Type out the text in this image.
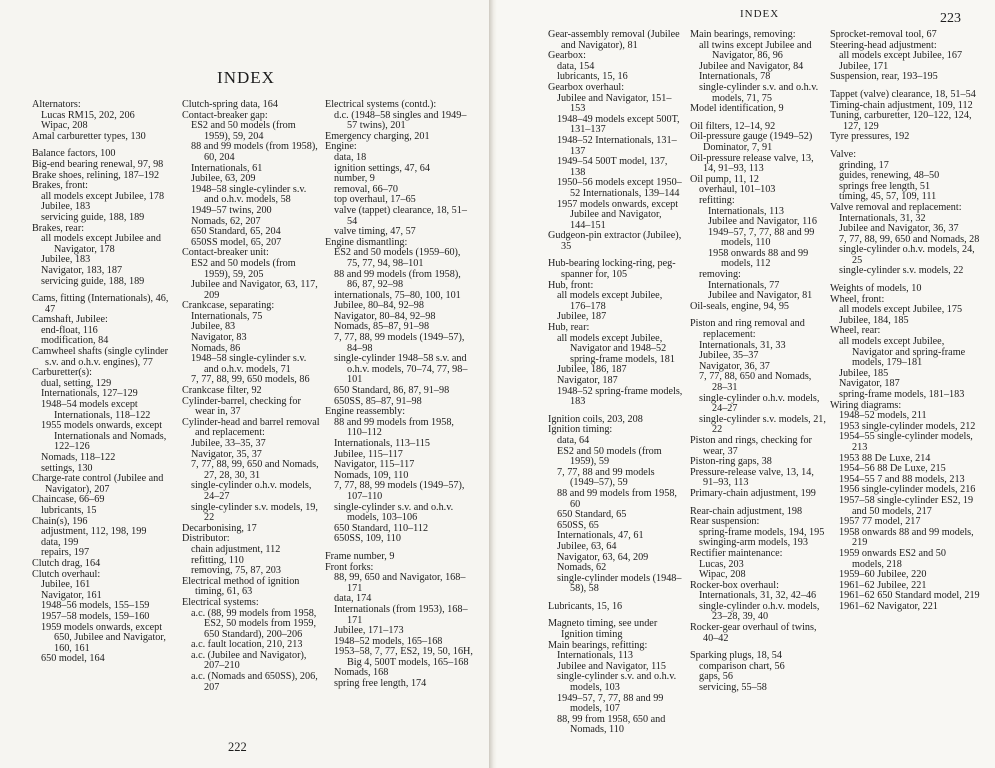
INDEX
Alternators:
Lucas RM15, 202, 206
Wipac, 208
Amal carburetter types, 130
Balance factors, 100
Big-end bearing renewal, 97, 98
Brake shoes, relining, 187–192
Brakes, front:
all models except Jubilee, 178
Jubilee, 183
servicing guide, 188, 189
Brakes, rear:
all models except Jubilee and Navigator, 178
Jubilee, 183
Navigator, 183, 187
servicing guide, 188, 189
Cams, fitting (Internationals), 46, 47
Camshaft, Jubilee:
end-float, 116
modification, 84
Camwheel shafts (single cylinder s.v. and o.h.v. engines), 77
Carburetter(s):
dual, setting, 129
Internationals, 127–129
1948–54 models except Internationals, 118–122
1955 models onwards, except Internationals and Nomads, 122–126
Nomads, 118–122
settings, 130
Charge-rate control (Jubilee and Navigator), 207
Chaincase, 66–69
lubricants, 15
Chain(s), 196
adjustment, 112, 198, 199
data, 199
repairs, 197
Clutch drag, 164
Clutch overhaul:
Jubilee, 161
Navigator, 161
1948–56 models, 155–159
1957–58 models, 159–160
1959 models onwards, except 650, Jubilee and Navigator, 160, 161
650 model, 164
Clutch-spring data, 164
Contact-breaker gap:
ES2 and 50 models (from 1959), 59, 204
88 and 99 models (from 1958), 60, 204
Internationals, 61
Jubilee, 63, 209
1948–58 single-cylinder s.v. and o.h.v. models, 58
1949–57 twins, 200
Nomads, 62, 207
650 Standard, 65, 204
650SS model, 65, 207
Contact-breaker unit:
ES2 and 50 models (from 1959), 59, 205
Jubilee and Navigator, 63, 117, 209
Crankcase, separating:
Internationals, 75
Jubilee, 83
Navigator, 83
Nomads, 86
1948–58 single-cylinder s.v. and o.h.v. models, 71
7, 77, 88, 99, 650 models, 86
Crankcase filter, 92
Cylinder-barrel, checking for wear in, 37
Cylinder-head and barrel removal and replacement:
Jubilee, 33–35, 37
Navigator, 35, 37
7, 77, 88, 99, 650 and Nomads, 27, 28, 30, 31
single-cylinder o.h.v. models, 24–27
single-cylinder s.v. models, 19, 22
Decarbonising, 17
Distributor:
chain adjustment, 112
refitting, 110
removing, 75, 87, 203
Electrical method of ignition timing, 61, 63
Electrical systems:
a.c. (88, 99 models from 1958, ES2, 50 models from 1959, 650 Standard), 200–206
a.c. fault location, 210, 213
a.c. (Jubilee and Navigator), 207–210
a.c. (Nomads and 650SS), 206, 207
Electrical systems (contd.):
d.c. (1948–58 singles and 1949–57 twins), 201
Emergency charging, 201
Engine:
data, 18
ignition settings, 47, 64
number, 9
removal, 66–70
top overhaul, 17–65
valve (tappet) clearance, 18, 51–54
valve timing, 47, 57
Engine dismantling:
ES2 and 50 models (1959–60), 75, 77, 94, 98–101
88 and 99 models (from 1958), 86, 87, 92–98
internationals, 75–80, 100, 101
Jubilee, 80–84, 92–98
Navigator, 80–84, 92–98
Nomads, 85–87, 91–98
7, 77, 88, 99 models (1949–57), 84–98
single-cylinder 1948–58 s.v. and o.h.v. models, 70–74, 77, 98–101
650 Standard, 86, 87, 91–98
650SS, 85–87, 91–98
Engine reassembly:
88 and 99 models from 1958, 110–112
Internationals, 113–115
Jubilee, 115–117
Navigator, 115–117
Nomads, 109, 110
7, 77, 88, 99 models (1949–57), 107–110
single-cylinder s.v. and o.h.v. models, 103–106
650 Standard, 110–112
650SS, 109, 110
Frame number, 9
Front forks:
88, 99, 650 and Navigator, 168–171
data, 174
Internationals (from 1953), 168–171
Jubilee, 171–173
1948–52 models, 165–168
1953–58, 7, 77, ES2, 19, 50, 16H, Big 4, 500T models, 165–168
Nomads, 168
spring free length, 174
222
INDEX	223
Gear-assembly removal (Jubilee and Navigator), 81
Gearbox:
data, 154
lubricants, 15, 16
Gearbox overhaul:
Jubilee and Navigator, 151–153
1948–49 models except 500T, 131–137
1948–52 Internationals, 131–137
1949–54 500T model, 137, 138
1950–56 models except 1950–52 Internationals, 139–144
1957 models onwards, except Jubilee and Navigator, 144–151
Gudgeon-pin extractor (Jubilee), 35
Hub-bearing locking-ring, peg-spanner for, 105
Hub, front:
all models except Jubilee, 176–178
Jubilee, 187
Hub, rear:
all models except Jubilee, Navigator and 1948–52 spring-frame models, 181
Jubilee, 186, 187
Navigator, 187
1948–52 spring-frame models, 183
Ignition coils, 203, 208
Ignition timing:
data, 64
ES2 and 50 models (from 1959), 59
7, 77, 88 and 99 models (1949–57), 59
88 and 99 models from 1958, 60
650 Standard, 65
650SS, 65
Internationals, 47, 61
Jubilee, 63, 64
Navigator, 63, 64, 209
Nomads, 62
single-cylinder models (1948–58), 58
Lubricants, 15, 16
Magneto timing, see under Ignition timing
Main bearings, refitting:
Internationals, 113
Jubilee and Navigator, 115
single-cylinder s.v. and o.h.v. models, 103
1949–57, 7, 77, 88 and 99 models, 107
88, 99 from 1958, 650 and Nomads, 110
Main bearings, removing:
all twins except Jubilee and Navigator, 86, 96
Jubilee and Navigator, 84
Internationals, 78
single-cylinder s.v. and o.h.v. models, 71, 75
Model identification, 9
Oil filters, 12–14, 92
Oil-pressure gauge (1949–52) Dominator, 7, 91
Oil-pressure release valve, 13, 14, 91–93, 113
Oil pump, 11, 12
overhaul, 101–103
refitting:
Internationals, 113
Jubilee and Navigator, 116
1949–57, 7, 77, 88 and 99 models, 110
1958 onwards 88 and 99 models, 112
removing:
Internationals, 77
Jubilee and Navigator, 81
Oil-seals, engine, 94, 95
Piston and ring removal and replacement:
Internationals, 31, 33
Jubilee, 35–37
Navigator, 36, 37
7, 77, 88, 650 and Nomads, 28–31
single-cylinder o.h.v. models, 24–27
single-cylinder s.v. models, 21, 22
Piston and rings, checking for wear, 37
Piston-ring gaps, 38
Pressure-release valve, 13, 14, 91–93, 113
Primary-chain adjustment, 199
Rear-chain adjustment, 198
Rear suspension:
spring-frame models, 194, 195
swinging-arm models, 193
Rectifier maintenance:
Lucas, 203
Wipac, 208
Rocker-box overhaul:
Internationals, 31, 32, 42–46
single-cylinder o.h.v. models, 23–28, 39, 40
Rocker-gear overhaul of twins, 40–42
Sparking plugs, 18, 54
comparison chart, 56
gaps, 56
servicing, 55–58
Sprocket-removal tool, 67
Steering-head adjustment:
all models except Jubilee, 167
Jubilee, 171
Suspension, rear, 193–195
Tappet (valve) clearance, 18, 51–54
Timing-chain adjustment, 109, 112
Tuning, carburetter, 120–122, 124, 127, 129
Tyre pressures, 192
Valve:
grinding, 17
guides, renewing, 48–50
springs free length, 51
timing, 45, 57, 109, 111
Valve removal and replacement:
Internationals, 31, 32
Jubilee and Navigator, 36, 37
7, 77, 88, 99, 650 and Nomads, 28
single-cylinder o.h.v. models, 24, 25
single-cylinder s.v. models, 22
Weights of models, 10
Wheel, front:
all models except Jubilee, 175
Jubilee, 184, 185
Wheel, rear:
all models except Jubilee, Navigator and spring-frame models, 179–181
Jubilee, 185
Navigator, 187
spring-frame models, 181–183
Wiring diagrams:
1948–52 models, 211
1953 single-cylinder models, 212
1954–55 single-cylinder models, 213
1953 88 De Luxe, 214
1954–56 88 De Luxe, 215
1954–55 7 and 88 models, 213
1956 single-cylinder models, 216
1957–58 single-cylinder ES2, 19 and 50 models, 217
1957 77 model, 217
1958 onwards 88 and 99 models, 219
1959 onwards ES2 and 50 models, 218
1959–60 Jubilee, 220
1961–62 Jubilee, 221
1961–62 650 Standard model, 219
1961–62 Navigator, 221
